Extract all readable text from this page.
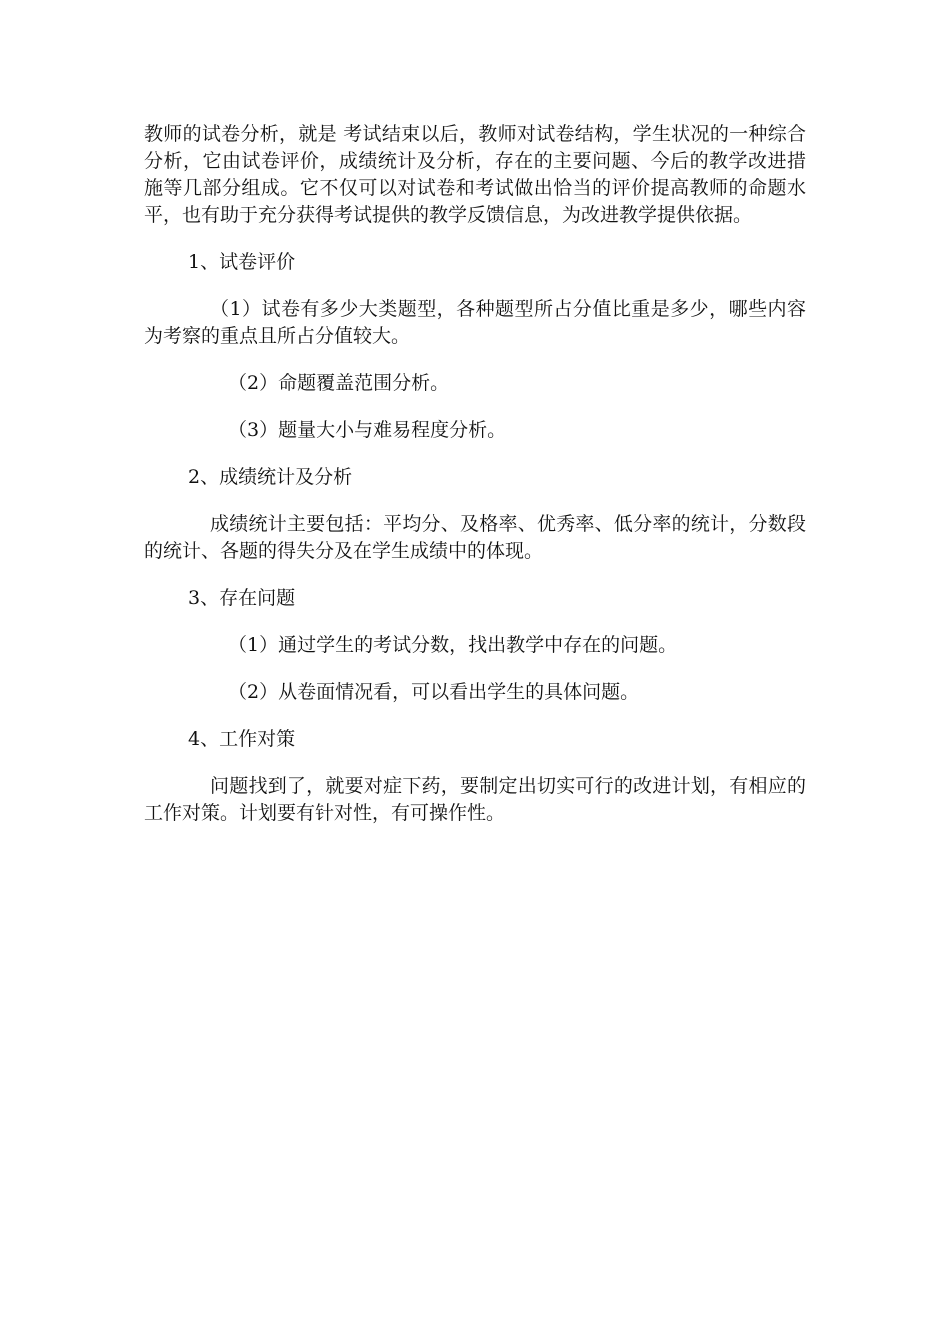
教师的试卷分析，就是 考试结束以后，教师对试卷结构，学生状况的一种综合分析，它由试卷评价，成绩统计及分析，存在的主要问题、今后的教学改进措施等几部分组成。它不仅可以对试卷和考试做出恰当的评价提高教师的命题水平，也有助于充分获得考试提供的教学反馈信息，为改进教学提供依据。

1、试卷评价

（1）试卷有多少大类题型，各种题型所占分值比重是多少，哪些内容为考察的重点且所占分值较大。

（2）命题覆盖范围分析。

（3）题量大小与难易程度分析。

2、成绩统计及分析

成绩统计主要包括：平均分、及格率、优秀率、低分率的统计，分数段的统计、各题的得失分及在学生成绩中的体现。

3、存在问题

（1）通过学生的考试分数，找出教学中存在的问题。

（2）从卷面情况看，可以看出学生的具体问题。

4、工作对策

问题找到了，就要对症下药，要制定出切实可行的改进计划，有相应的工作对策。计划要有针对性，有可操作性。
